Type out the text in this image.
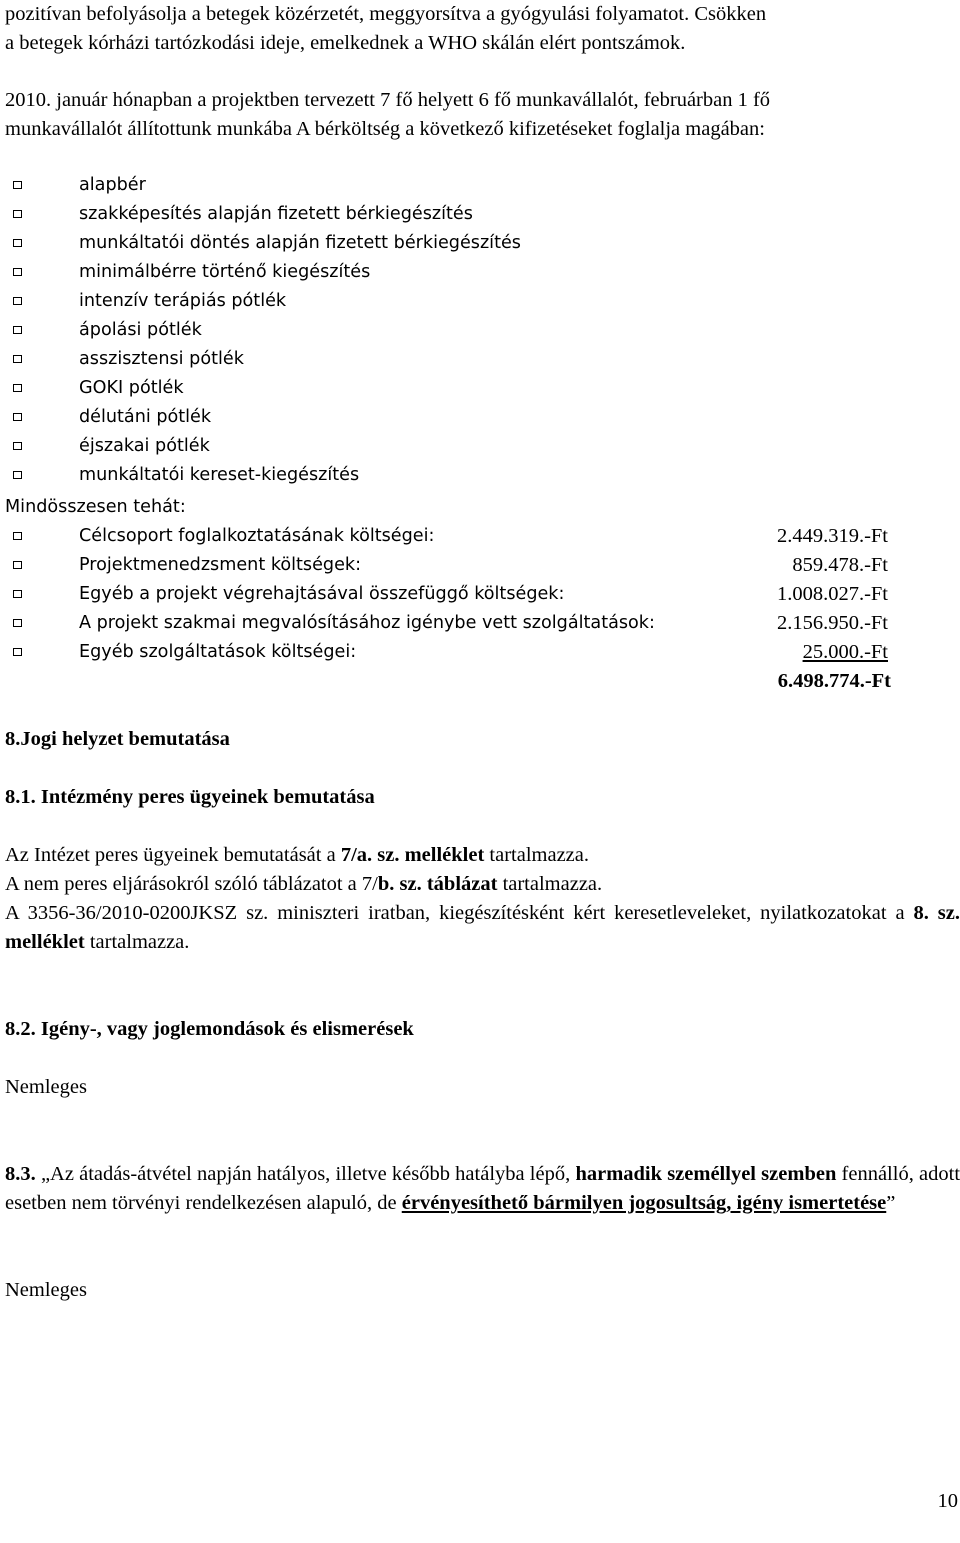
pozitívan befolyásolja a betegek közérzetét, meggyorsítva a gyógyulási folyamatot. Csökken
a betegek kórházi tartózkodási ideje, emelkednek a WHO skálán elért pontszámok.
2010. január hónapban a projektben tervezett 7 fő helyett 6 fő munkavállalót, februárban 1 fő
munkavállalót állítottunk munkába A bérköltség a következő kifizetéseket foglalja magában:
alapbér
szakképesítés alapján fizetett bérkiegészítés
munkáltatói döntés alapján fizetett bérkiegészítés
minimálbérre történő kiegészítés
intenzív terápiás pótlék
ápolási pótlék
asszisztensi pótlék
GOKI pótlék
délutáni pótlék
éjszakai pótlék
munkáltatói kereset-kiegészítés
Mindösszesen tehát:
Célcsoport foglalkoztatásának költségei:	2.449.319.-Ft
Projektmenedzsment költségek:	859.478.-Ft
Egyéb a projekt végrehajtásával összefüggő költségek:	1.008.027.-Ft
A projekt szakmai megvalósításához igénybe vett szolgáltatások:	2.156.950.-Ft
Egyéb szolgáltatások költségei:	25.000.-Ft
6.498.774.-Ft
8.Jogi helyzet bemutatása
8.1. Intézmény peres ügyeinek bemutatása
Az Intézet peres ügyeinek bemutatását a 7/a. sz. melléklet tartalmazza.
A nem peres eljárásokról szóló táblázatot a 7/b. sz. táblázat tartalmazza.
A 3356-36/2010-0200JKSZ sz. miniszteri iratban, kiegészítésként kért keresetleveleket, nyilatkozatokat a 8. sz. melléklet tartalmazza.
8.2. Igény-, vagy joglemondások és elismerések
Nemleges
8.3. „Az átadás-átvétel napján hatályos, illetve később hatályba lépő, harmadik személlyel szemben fennálló, adott esetben nem törvényi rendelkezésen alapuló, de érvényesíthető bármilyen jogosultság, igény ismertetése”
Nemleges
10
